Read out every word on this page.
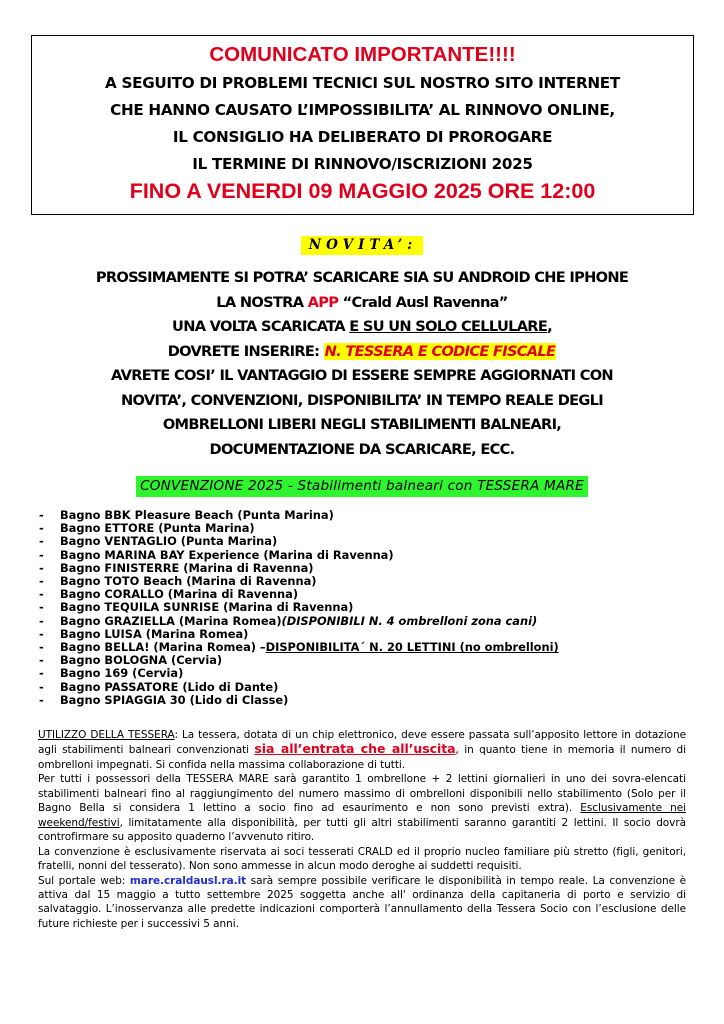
COMUNICATO IMPORTANTE!!!!
A SEGUITO DI PROBLEMI TECNICI SUL NOSTRO SITO INTERNET
CHE HANNO CAUSATO L’IMPOSSIBILITA’ AL RINNOVO ONLINE,
IL CONSIGLIO HA DELIBERATO DI PROROGARE
IL TERMINE DI RINNOVO/ISCRIZIONI 2025
FINO A VENERDI 09 MAGGIO 2025 ORE 12:00
NOVITA’:
PROSSIMAMENTE SI POTRA’ SCARICARE SIA SU ANDROID CHE IPHONE
LA NOSTRA APP “Crald Ausl Ravenna”
UNA VOLTA SCARICATA E SU UN SOLO CELLULARE,
DOVRETE INSERIRE: N. TESSERA E CODICE FISCALE
AVRETE COSI’ IL VANTAGGIO DI ESSERE SEMPRE AGGIORNATI CON
NOVITA’, CONVENZIONI, DISPONIBILITA’ IN TEMPO REALE DEGLI
OMBRELLONI LIBERI NEGLI STABILIMENTI BALNEARI,
DOCUMENTAZIONE DA SCARICARE, ECC.
CONVENZIONE 2025 - Stabilimenti balneari con TESSERA MARE
-	Bagno BBK Pleasure Beach (Punta Marina)
-	Bagno ETTORE (Punta Marina)
-	Bagno VENTAGLIO (Punta Marina)
-	Bagno MARINA BAY Experience (Marina di Ravenna)
-	Bagno FINISTERRE (Marina di Ravenna)
-	Bagno TOTO Beach (Marina di Ravenna)
-	Bagno CORALLO (Marina di Ravenna)
-	Bagno TEQUILA SUNRISE (Marina di Ravenna)
-	Bagno GRAZIELLA (Marina Romea) (DISPONIBILI N. 4 ombrelloni zona cani)
-	Bagno LUISA (Marina Romea)
-	Bagno BELLA! (Marina Romea) – DISPONIBILITA´ N. 20 LETTINI (no ombrelloni)
-	Bagno BOLOGNA (Cervia)
-	Bagno 169 (Cervia)
-	Bagno PASSATORE (Lido di Dante)
-	Bagno SPIAGGIA 30 (Lido di Classe)

UTILIZZO DELLA TESSERA: La tessera, dotata di un chip elettronico, deve essere passata sull’apposito lettore in dotazione agli stabilimenti balneari convenzionati sia all’entrata che all’uscita, in quanto tiene in memoria il numero di ombrelloni impegnati. Si confida nella massima collaborazione di tutti.

Per tutti i possessori della TESSERA MARE sarà garantito 1 ombrellone + 2 lettini giornalieri in uno dei sovra-elencati stabilimenti balneari fino al raggiungimento del numero massimo di ombrelloni disponibili nello stabilimento (Solo per il Bagno Bella si considera 1 lettino a socio fino ad esaurimento e non sono previsti extra). Esclusivamente nei weekend/festivi, limitatamente alla disponibilità, per tutti gli altri stabilimenti saranno garantiti 2 lettini. Il socio dovrà controfirmare su apposito quaderno l’avvenuto ritiro.

La convenzione è esclusivamente riservata ai soci tesserati CRALD ed il proprio nucleo familiare più stretto (figli, genitori, fratelli, nonni del tesserato). Non sono ammesse in alcun modo deroghe ai suddetti requisiti.

Sul portale web: mare.craldausl.ra.it sarà sempre possibile verificare le disponibilità in tempo reale. La convenzione è attiva dal 15 maggio a tutto settembre 2025 soggetta anche all' ordinanza della capitaneria di porto e servizio di salvataggio. L’inosservanza alle predette indicazioni comporterà l’annullamento della Tessera Socio con l’esclusione delle future richieste per i successivi 5 anni.
